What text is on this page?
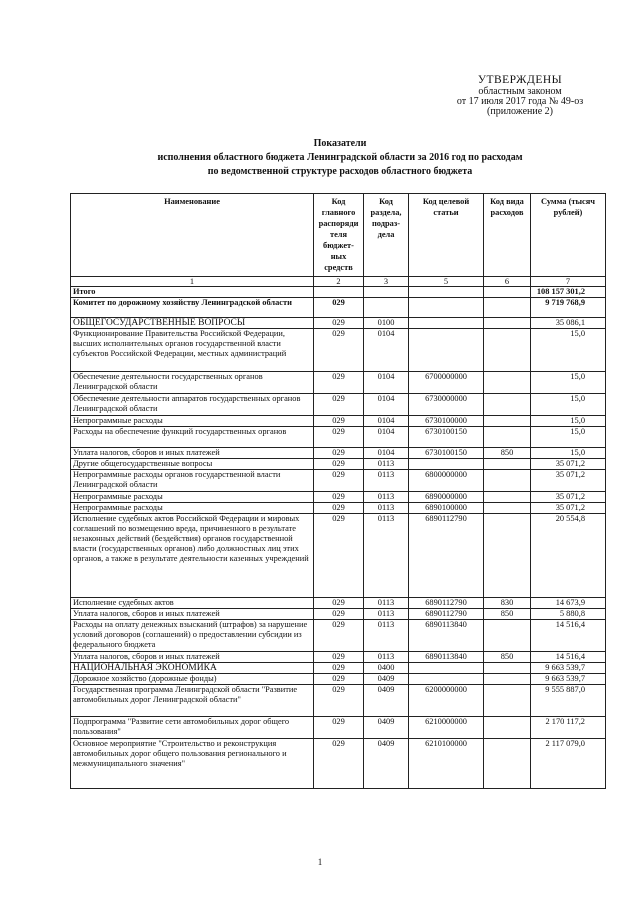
УТВЕРЖДЕНЫ
областным законом
от 17 июля 2017 года № 49-оз
(приложение 2)
Показатели
исполнения областного бюджета Ленинградской области за 2016 год по расходам
по ведомственной структуре расходов областного бюджета
Наименование	Код главного распоряди теля бюджет-ных средств	Код раздела, подраз-дела	Код целевой статьи	Код вида расходов	Сумма (тысяч рублей)
1	2	3	5	6	7
Итого					108 157 301,2
Комитет по дорожному хозяйству Ленинградской области	029				9 719 768,9
ОБЩЕГОСУДАРСТВЕННЫЕ ВОПРОСЫ	029	0100			35 086,1
Функционирование Правительства Российской Федерации, высших исполнительных органов государственной власти субъектов Российской Федерации, местных администраций	029	0104			15,0
Обеспечение деятельности государственных органов Ленинградской области	029	0104	6700000000		15,0
Обеспечение деятельности аппаратов государственных органов Ленинградской области	029	0104	6730000000		15,0
Непрограммные расходы	029	0104	6730100000		15,0
Расходы на обеспечение функций государственных органов	029	0104	6730100150		15,0
Уплата налогов, сборов и иных платежей	029	0104	6730100150	850	15,0
Другие общегосударственные вопросы	029	0113			35 071,2
Непрограммные расходы органов государственной власти Ленинградской области	029	0113	6800000000		35 071,2
Непрограммные расходы	029	0113	6890000000		35 071,2
Непрограммные расходы	029	0113	6890100000		35 071,2
Исполнение судебных актов Российской Федерации и мировых соглашений по возмещению вреда, причиненного в результате незаконных действий (бездействия) органов государственной власти (государственных органов) либо должностных лиц этих органов, а также в результате деятельности казенных учреждений	029	0113	6890112790		20 554,8
Исполнение судебных актов	029	0113	6890112790	830	14 673,9
Уплата налогов, сборов и иных платежей	029	0113	6890112790	850	5 880,8
Расходы на оплату денежных взысканий (штрафов) за нарушение условий договоров (соглашений) о предоставлении субсидии из федерального бюджета	029	0113	6890113840		14 516,4
Уплата налогов, сборов и иных платежей	029	0113	6890113840	850	14 516,4
НАЦИОНАЛЬНАЯ ЭКОНОМИКА	029	0400			9 663 539,7
Дорожное хозяйство (дорожные фонды)	029	0409			9 663 539,7
Государственная программа Ленинградской области "Развитие автомобильных дорог Ленинградской области"	029	0409	6200000000		9 555 887,0
Подпрограмма "Развитие сети автомобильных дорог общего пользования"	029	0409	6210000000		2 170 117,2
Основное мероприятие "Строительство и реконструкция автомобильных дорог общего пользования регионального и межмуниципального значения"	029	0409	6210100000		2 117 079,0
1
